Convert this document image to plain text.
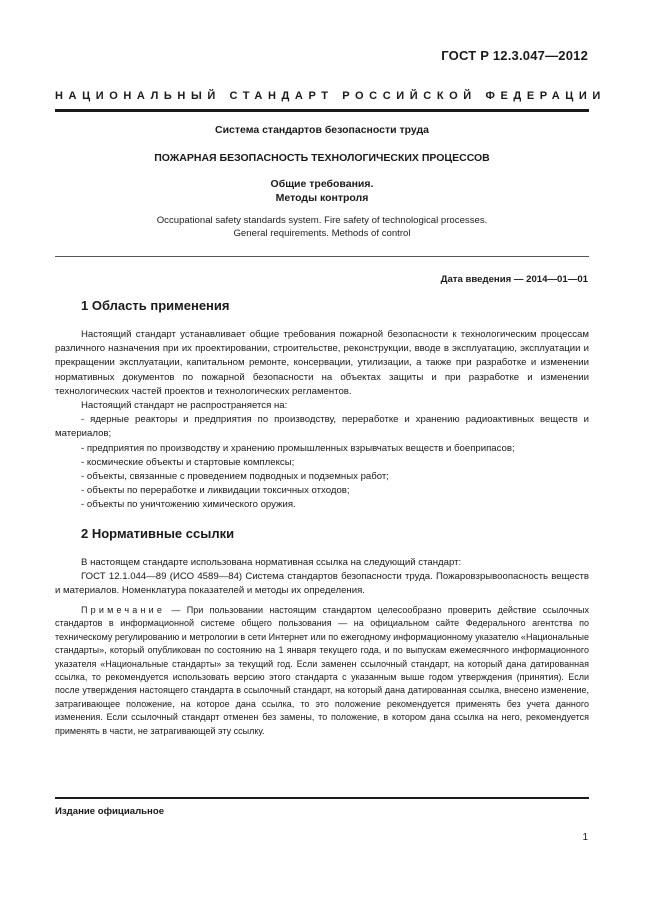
ГОСТ Р 12.3.047—2012
НАЦИОНАЛЬНЫЙ СТАНДАРТ РОССИЙСКОЙ ФЕДЕРАЦИИ
Система стандартов безопасности труда
ПОЖАРНАЯ БЕЗОПАСНОСТЬ ТЕХНОЛОГИЧЕСКИХ ПРОЦЕССОВ
Общие требования.
Методы контроля
Occupational safety standards system. Fire safety of technological processes.
General requirements. Methods of control
Дата введения — 2014—01—01
1 Область применения

Настоящий стандарт устанавливает общие требования пожарной безопасности к технологическим процессам различного назначения при их проектировании, строительстве, реконструкции, вводе в эксплуатацию, эксплуатации и прекращении эксплуатации, капитальном ремонте, консервации, утилизации, а также при разработке и изменении нормативных документов по пожарной безопасности на объектах защиты и при разработке и изменении технологических частей проектов и технологических регламентов.

Настоящий стандарт не распространяется на:

- ядерные реакторы и предприятия по производству, переработке и хранению радиоактивных веществ и материалов;

- предприятия по производству и хранению промышленных взрывчатых веществ и боеприпасов;

- космические объекты и стартовые комплексы;

- объекты, связанные с проведением подводных и подземных работ;

- объекты по переработке и ликвидации токсичных отходов;

- объекты по уничтожению химического оружия.

2 Нормативные ссылки

В настоящем стандарте использована нормативная ссылка на следующий стандарт:

ГОСТ 12.1.044—89 (ИСО 4589—84) Система стандартов безопасности труда. Пожаровзрывоопасность веществ и материалов. Номенклатура показателей и методы их определения.

Примечание — При пользовании настоящим стандартом целесообразно проверить действие ссылочных стандартов в информационной системе общего пользования — на официальном сайте Федерального агентства по техническому регулированию и метрологии в сети Интернет или по ежегодному информационному указателю «Национальные стандарты», который опубликован по состоянию на 1 января текущего года, и по выпускам ежемесячного информационного указателя «Национальные стандарты» за текущий год. Если заменен ссылочный стандарт, на который дана датированная ссылка, то рекомендуется использовать версию этого стандарта с указанным выше годом утверждения (принятия). Если после утверждения настоящего стандарта в ссылочный стандарт, на который дана датированная ссылка, внесено изменение, затрагивающее положение, на которое дана ссылка, то это положение рекомендуется применять без учета данного изменения. Если ссылочный стандарт отменен без замены, то положение, в котором дана ссылка на него, рекомендуется применять в части, не затрагивающей эту ссылку.

Издание официальное
1
